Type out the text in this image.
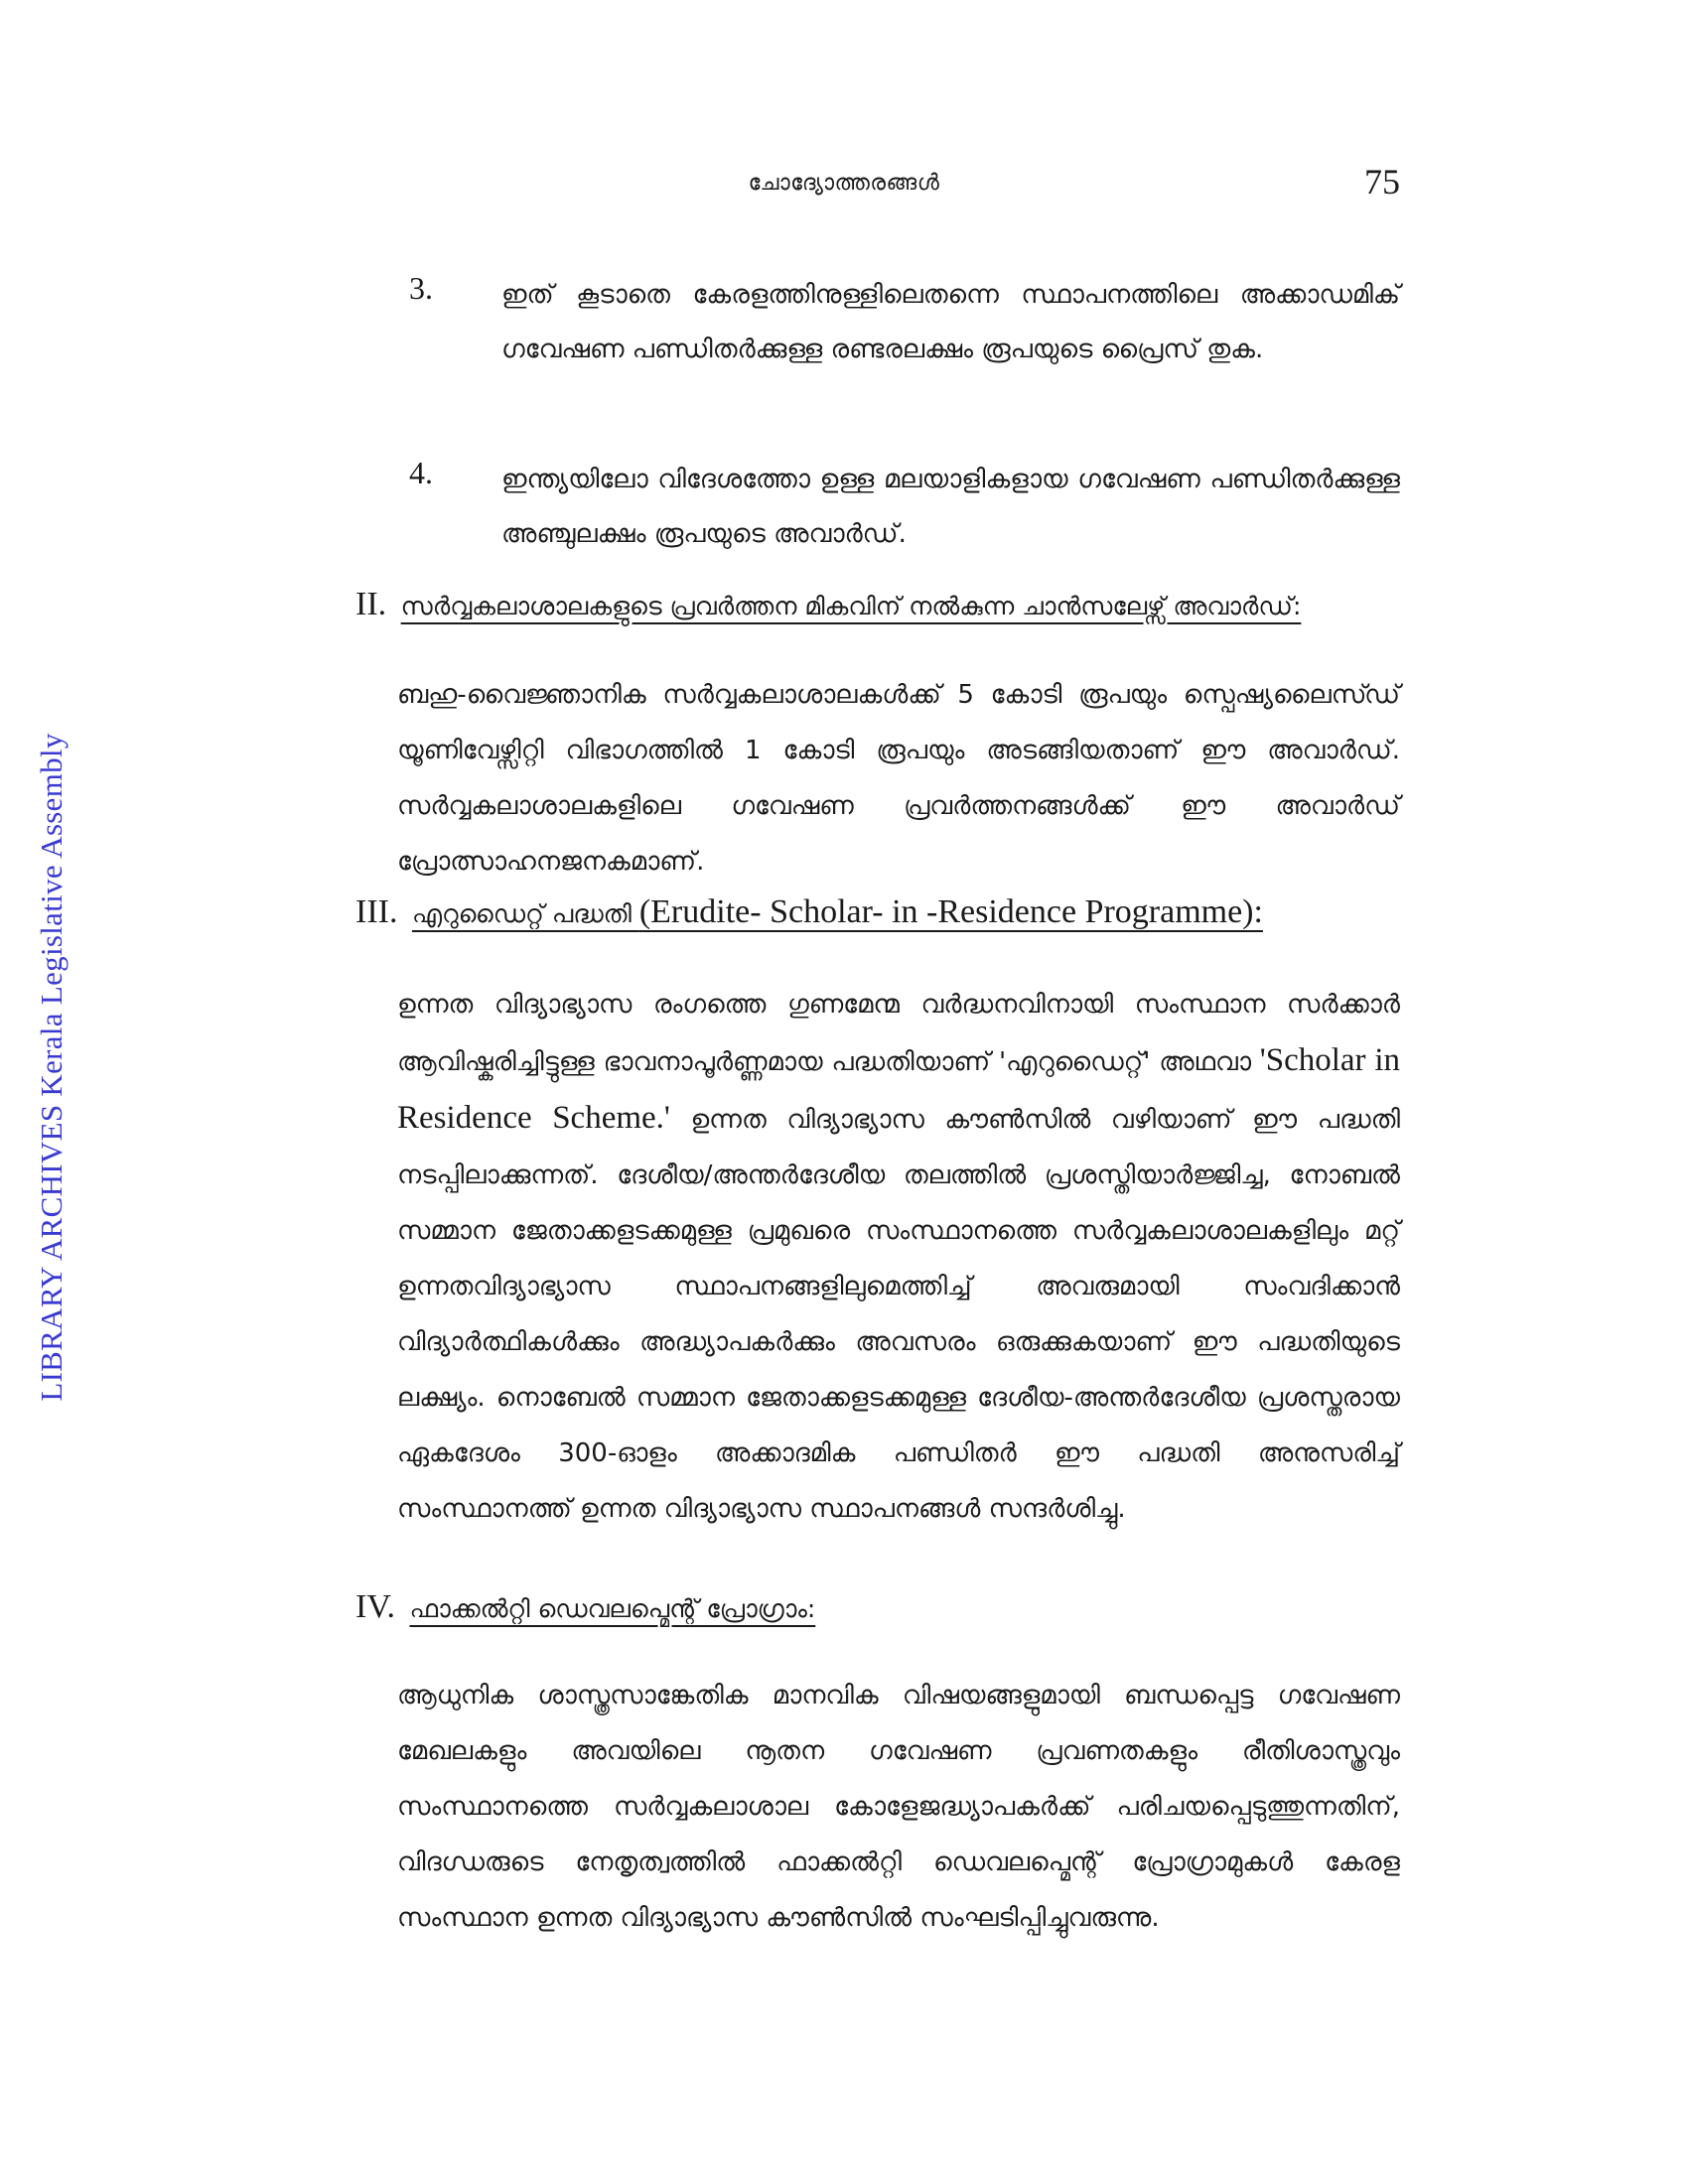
ചോദ്യോത്തരങ്ങൾ	75
LIBRARY ARCHIVES Kerala Legislative Assembly
3.	ഇത് കൂടാതെ കേരളത്തിനുള്ളിലെതന്നെ സ്ഥാപനത്തിലെ അക്കാഡമിക് ഗവേഷണ പണ്ഡിതർക്കുള്ള രണ്ടരലക്ഷം രൂപയുടെ പ്രൈസ് തുക.
4.	ഇന്ത്യയിലോ വിദേശത്തോ ഉള്ള മലയാളികളായ ഗവേഷണ പണ്ഡിതർക്കുള്ള അഞ്ചുലക്ഷം രൂപയുടെ അവാർഡ്.
II. സർവ്വകലാശാലകളുടെ പ്രവർത്തന മികവിന് നൽകുന്ന ചാൻസലേഴ്സ് അവാർഡ്:
ബഹു-വൈജ്ഞാനിക സർവ്വകലാശാലകൾക്ക് 5 കോടി രൂപയും സ്പെഷ്യലൈസ്ഡ് യൂണിവേഴ്സിറ്റി വിഭാഗത്തിൽ 1 കോടി രൂപയും അടങ്ങിയതാണ് ഈ അവാർഡ്. സർവ്വകലാശാലകളിലെ ഗവേഷണ പ്രവർത്തനങ്ങൾക്ക് ഈ അവാർഡ് പ്രോത്സാഹനജനകമാണ്.
III. എറുഡൈറ്റ് പദ്ധതി (Erudite- Scholar- in -Residence Programme):
ഉന്നത വിദ്യാഭ്യാസ രംഗത്തെ ഗുണമേന്മ വർദ്ധനവിനായി സംസ്ഥാന സർക്കാർ ആവിഷ്കരിച്ചിട്ടുള്ള ഭാവനാപൂർണ്ണമായ പദ്ധതിയാണ് 'എറുഡൈറ്റ്' അഥവാ 'Scholar in Residence Scheme.' ഉന്നത വിദ്യാഭ്യാസ കൗൺസിൽ വഴിയാണ് ഈ പദ്ധതി നടപ്പിലാക്കുന്നത്. ദേശീയ/അന്തർദേശീയ തലത്തിൽ പ്രശസ്തിയാർജ്ജിച്ച, നോബൽ സമ്മാന ജേതാക്കളടക്കമുള്ള പ്രമുഖരെ സംസ്ഥാനത്തെ സർവ്വകലാശാലകളിലും മറ്റ് ഉന്നതവിദ്യാഭ്യാസ സ്ഥാപനങ്ങളിലുമെത്തിച്ച് അവരുമായി സംവദിക്കാൻ വിദ്യാർത്ഥികൾക്കും അദ്ധ്യാപകർക്കും അവസരം ഒരുക്കുകയാണ് ഈ പദ്ധതിയുടെ ലക്ഷ്യം. നൊബേൽ സമ്മാന ജേതാക്കളടക്കമുള്ള ദേശീയ-അന്തർദേശീയ പ്രശസ്തരായ ഏകദേശം 300-ഓളം അക്കാദമിക പണ്ഡിതർ ഈ പദ്ധതി അനുസരിച്ച് സംസ്ഥാനത്ത് ഉന്നത വിദ്യാഭ്യാസ സ്ഥാപനങ്ങൾ സന്ദർശിച്ചു.
IV. ഫാക്കൽറ്റി ഡെവലപ്മെന്റ് പ്രോഗ്രാം:
ആധുനിക ശാസ്ത്രസാങ്കേതിക മാനവിക വിഷയങ്ങളുമായി ബന്ധപ്പെട്ട ഗവേഷണ മേഖലകളും അവയിലെ നൂതന ഗവേഷണ പ്രവണതകളും രീതിശാസ്ത്രവും സംസ്ഥാനത്തെ സർവ്വകലാശാല കോളേജദ്ധ്യാപകർക്ക് പരിചയപ്പെടുത്തുന്നതിന്, വിദഗ്ധരുടെ നേതൃത്വത്തിൽ ഫാക്കൽറ്റി ഡെവലപ്മെന്റ് പ്രോഗ്രാമുകൾ കേരള സംസ്ഥാന ഉന്നത വിദ്യാഭ്യാസ കൗൺസിൽ സംഘടിപ്പിച്ചുവരുന്നു.
